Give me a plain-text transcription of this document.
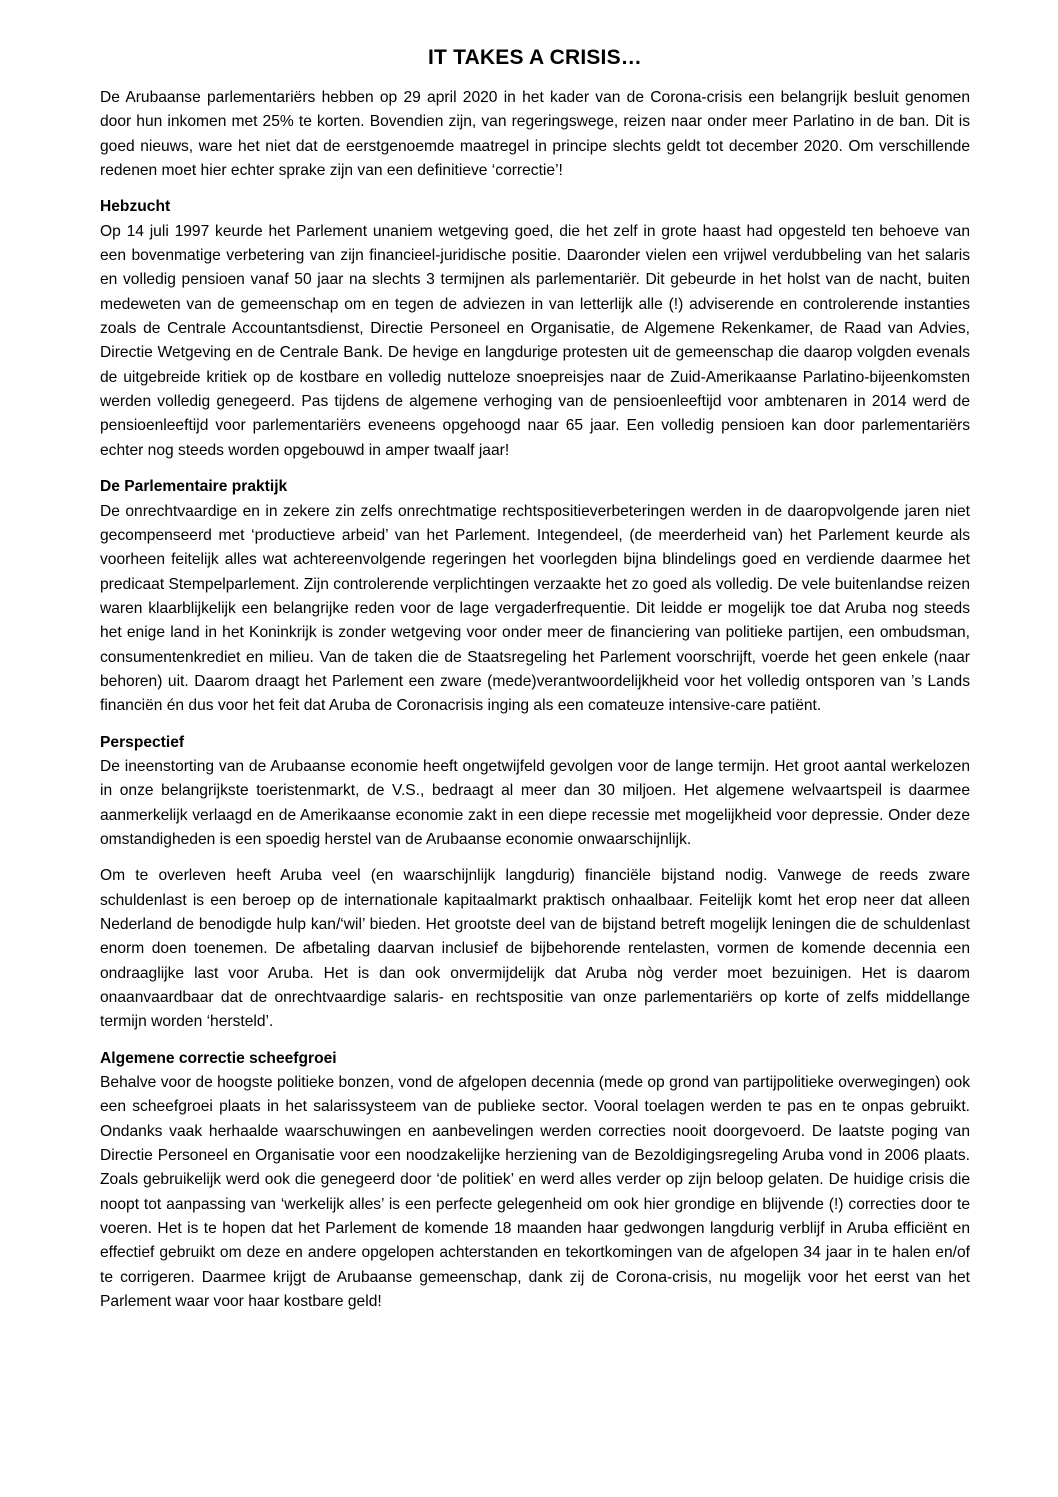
IT TAKES A CRISIS…

De Arubaanse parlementariërs hebben op 29 april 2020 in het kader van de Corona-crisis een belangrijk besluit genomen door hun inkomen met 25% te korten. Bovendien zijn, van regeringswege, reizen naar onder meer Parlatino in de ban. Dit is goed nieuws, ware het niet dat de eerstgenoemde maatregel in principe slechts geldt tot december 2020. Om verschillende redenen moet hier echter sprake zijn van een definitieve ‘correctie’!

Hebzucht

Op 14 juli 1997 keurde het Parlement unaniem wetgeving goed, die het zelf in grote haast had opgesteld ten behoeve van een bovenmatige verbetering van zijn financieel-juridische positie. Daaronder vielen een vrijwel verdubbeling van het salaris en volledig pensioen vanaf 50 jaar na slechts 3 termijnen als parlementariër. Dit gebeurde in het holst van de nacht, buiten medeweten van de gemeenschap om en tegen de adviezen in van letterlijk alle (!) adviserende en controlerende instanties zoals de Centrale Accountantsdienst, Directie Personeel en Organisatie, de Algemene Rekenkamer, de Raad van Advies, Directie Wetgeving en de Centrale Bank. De hevige en langdurige protesten uit de gemeenschap die daarop volgden evenals de uitgebreide kritiek op de kostbare en volledig nutteloze snoepreisjes naar de Zuid-Amerikaanse Parlatino-bijeenkomsten werden volledig genegeerd. Pas tijdens de algemene verhoging van de pensioenleeftijd voor ambtenaren in 2014 werd de pensioenleeftijd voor parlementariërs eveneens opgehoogd naar 65 jaar. Een volledig pensioen kan door parlementariërs echter nog steeds worden opgebouwd in amper twaalf jaar!

De Parlementaire praktijk

De onrechtvaardige en in zekere zin zelfs onrechtmatige rechtspositieverbeteringen werden in de daaropvolgende jaren niet gecompenseerd met ‘productieve arbeid’ van het Parlement. Integendeel, (de meerderheid van) het Parlement keurde als voorheen feitelijk alles wat achtereenvolgende regeringen het voorlegden bijna blindelings goed en verdiende daarmee het predicaat Stempelparlement. Zijn controlerende verplichtingen verzaakte het zo goed als volledig. De vele buitenlandse reizen waren klaarblijkelijk een belangrijke reden voor de lage vergaderfrequentie. Dit leidde er mogelijk toe dat Aruba nog steeds het enige land in het Koninkrijk is zonder wetgeving voor onder meer de financiering van politieke partijen, een ombudsman, consumentenkrediet en milieu. Van de taken die de Staatsregeling het Parlement voorschrijft, voerde het geen enkele (naar behoren) uit. Daarom draagt het Parlement een zware (mede)verantwoordelijkheid voor het volledig ontsporen van ’s Lands financiën én dus voor het feit dat Aruba de Coronacrisis inging als een comateuze intensive-care patiënt.

Perspectief

De ineenstorting van de Arubaanse economie heeft ongetwijfeld gevolgen voor de lange termijn. Het groot aantal werkelozen in onze belangrijkste toeristenmarkt, de V.S., bedraagt al meer dan 30 miljoen. Het algemene welvaartspeil is daarmee aanmerkelijk verlaagd en de Amerikaanse economie zakt in een diepe recessie met mogelijkheid voor depressie. Onder deze omstandigheden is een spoedig herstel van de Arubaanse economie onwaarschijnlijk.

Om te overleven heeft Aruba veel (en waarschijnlijk langdurig) financiële bijstand nodig. Vanwege de reeds zware schuldenlast is een beroep op de internationale kapitaalmarkt praktisch onhaalbaar. Feitelijk komt het erop neer dat alleen Nederland de benodigde hulp kan/‘wil’ bieden. Het grootste deel van de bijstand betreft mogelijk leningen die de schuldenlast enorm doen toenemen. De afbetaling daarvan inclusief de bijbehorende rentelasten, vormen de komende decennia een ondraaglijke last voor Aruba. Het is dan ook onvermijdelijk dat Aruba nòg verder moet bezuinigen. Het is daarom onaanvaardbaar dat de onrechtvaardige salaris- en rechtspositie van onze parlementariërs op korte of zelfs middellange termijn worden ‘hersteld’.

Algemene correctie scheefgroei

Behalve voor de hoogste politieke bonzen, vond de afgelopen decennia (mede op grond van partijpolitieke overwegingen) ook een scheefgroei plaats in het salarissysteem van de publieke sector. Vooral toelagen werden te pas en te onpas gebruikt. Ondanks vaak herhaalde waarschuwingen en aanbevelingen werden correcties nooit doorgevoerd. De laatste poging van Directie Personeel en Organisatie voor een noodzakelijke herziening van de Bezoldigingsregeling Aruba vond in 2006 plaats. Zoals gebruikelijk werd ook die genegeerd door ‘de politiek’ en werd alles verder op zijn beloop gelaten. De huidige crisis die noopt tot aanpassing van ‘werkelijk alles’ is een perfecte gelegenheid om ook hier grondige en blijvende (!) correcties door te voeren. Het is te hopen dat het Parlement de komende 18 maanden haar gedwongen langdurig verblijf in Aruba efficiënt en effectief gebruikt om deze en andere opgelopen achterstanden en tekortkomingen van de afgelopen 34 jaar in te halen en/of te corrigeren. Daarmee krijgt de Arubaanse gemeenschap, dank zij de Corona-crisis, nu mogelijk voor het eerst van het Parlement waar voor haar kostbare geld!
